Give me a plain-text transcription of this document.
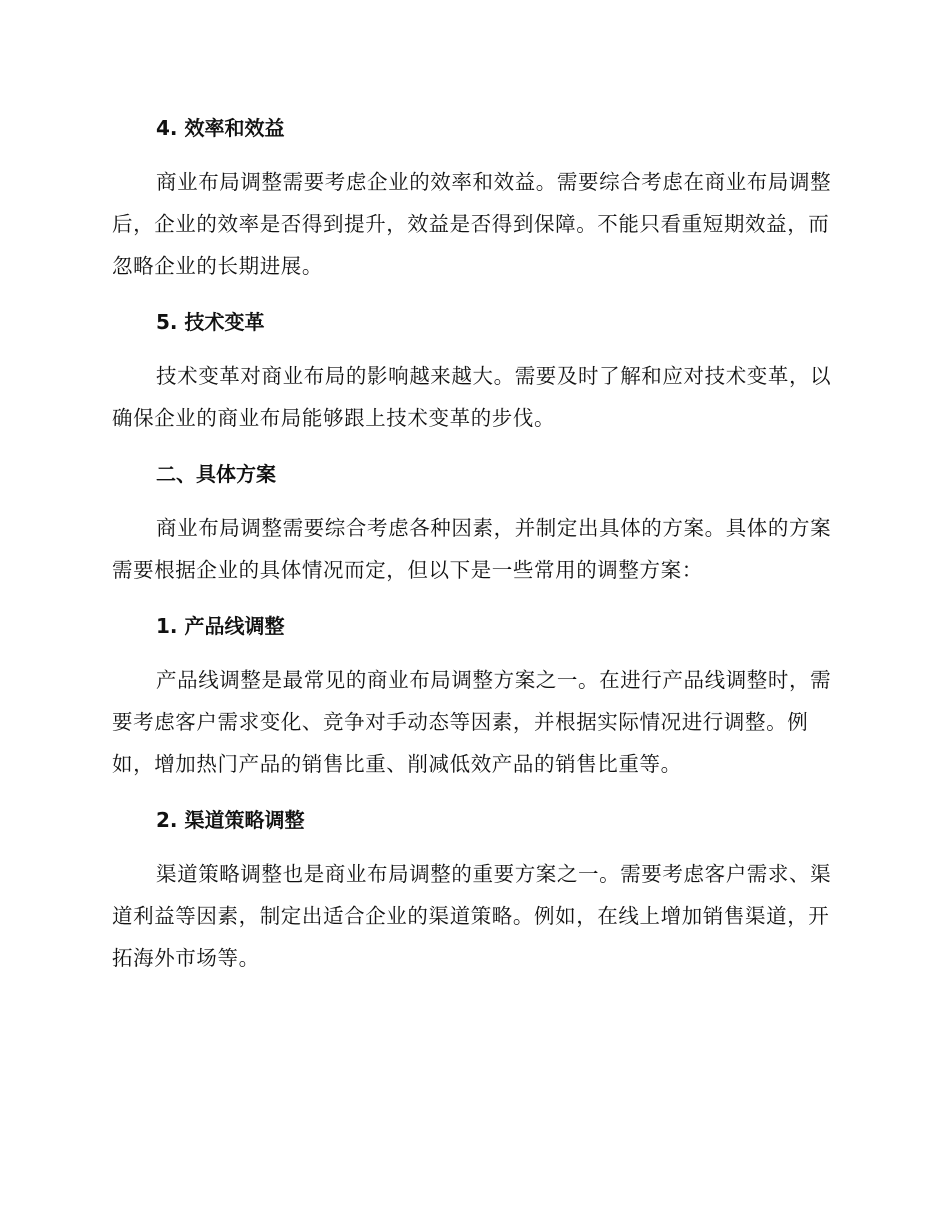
4. 效率和效益

商业布局调整需要考虑企业的效率和效益。需要综合考虑在商业布局调整后，企业的效率是否得到提升，效益是否得到保障。不能只看重短期效益，而忽略企业的长期进展。

5. 技术变革

技术变革对商业布局的影响越来越大。需要及时了解和应对技术变革，以确保企业的商业布局能够跟上技术变革的步伐。

二、具体方案

商业布局调整需要综合考虑各种因素，并制定出具体的方案。具体的方案需要根据企业的具体情况而定，但以下是一些常用的调整方案：

1. 产品线调整

产品线调整是最常见的商业布局调整方案之一。在进行产品线调整时，需要考虑客户需求变化、竞争对手动态等因素，并根据实际情况进行调整。例如，增加热门产品的销售比重、削减低效产品的销售比重等。

2. 渠道策略调整

渠道策略调整也是商业布局调整的重要方案之一。需要考虑客户需求、渠道利益等因素，制定出适合企业的渠道策略。例如，在线上增加销售渠道，开拓海外市场等。
